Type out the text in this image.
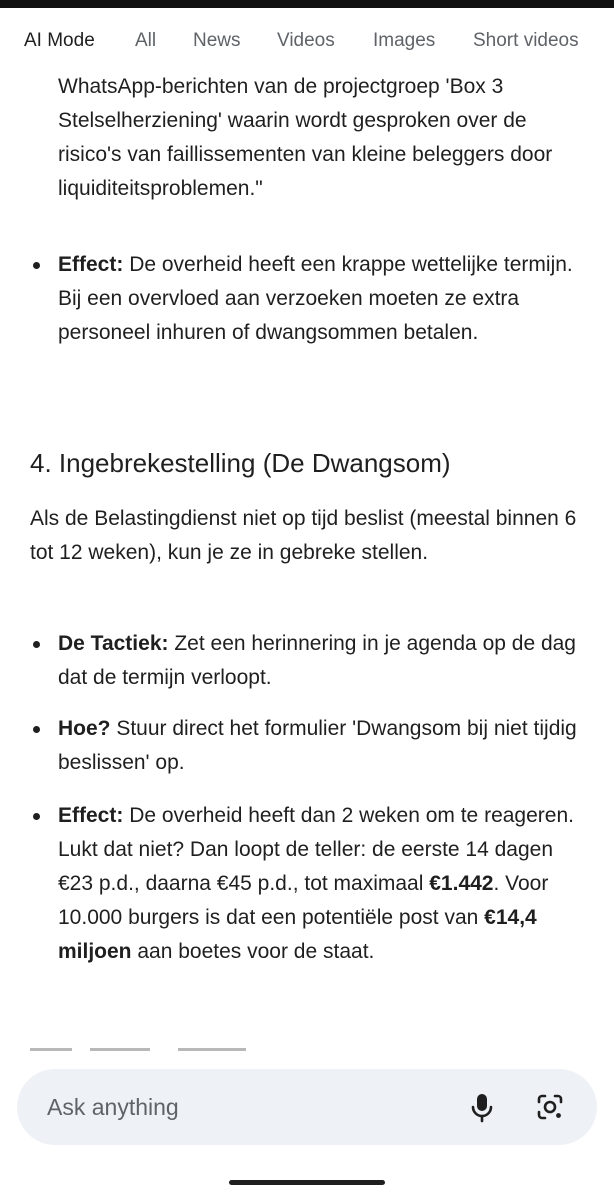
AI Mode All News Videos Images Short videos
WhatsApp-berichten van de projectgroep 'Box 3 Stelselherziening' waarin wordt gesproken over de risico's van faillissementen van kleine beleggers door liquiditeitsproblemen."
Effect: De overheid heeft een krappe wettelijke termijn. Bij een overvloed aan verzoeken moeten ze extra personeel inhuren of dwangsommen betalen.
4. Ingebrekestelling (De Dwangsom)
Als de Belastingdienst niet op tijd beslist (meestal binnen 6 tot 12 weken), kun je ze in gebreke stellen.
De Tactiek: Zet een herinnering in je agenda op de dag dat de termijn verloopt.
Hoe? Stuur direct het formulier 'Dwangsom bij niet tijdig beslissen' op.
Effect: De overheid heeft dan 2 weken om te reageren. Lukt dat niet? Dan loopt de teller: de eerste 14 dagen €23 p.d., daarna €45 p.d., tot maximaal €1.442. Voor 10.000 burgers is dat een potentiële post van €14,4 miljoen aan boetes voor de staat.
Ask anything
